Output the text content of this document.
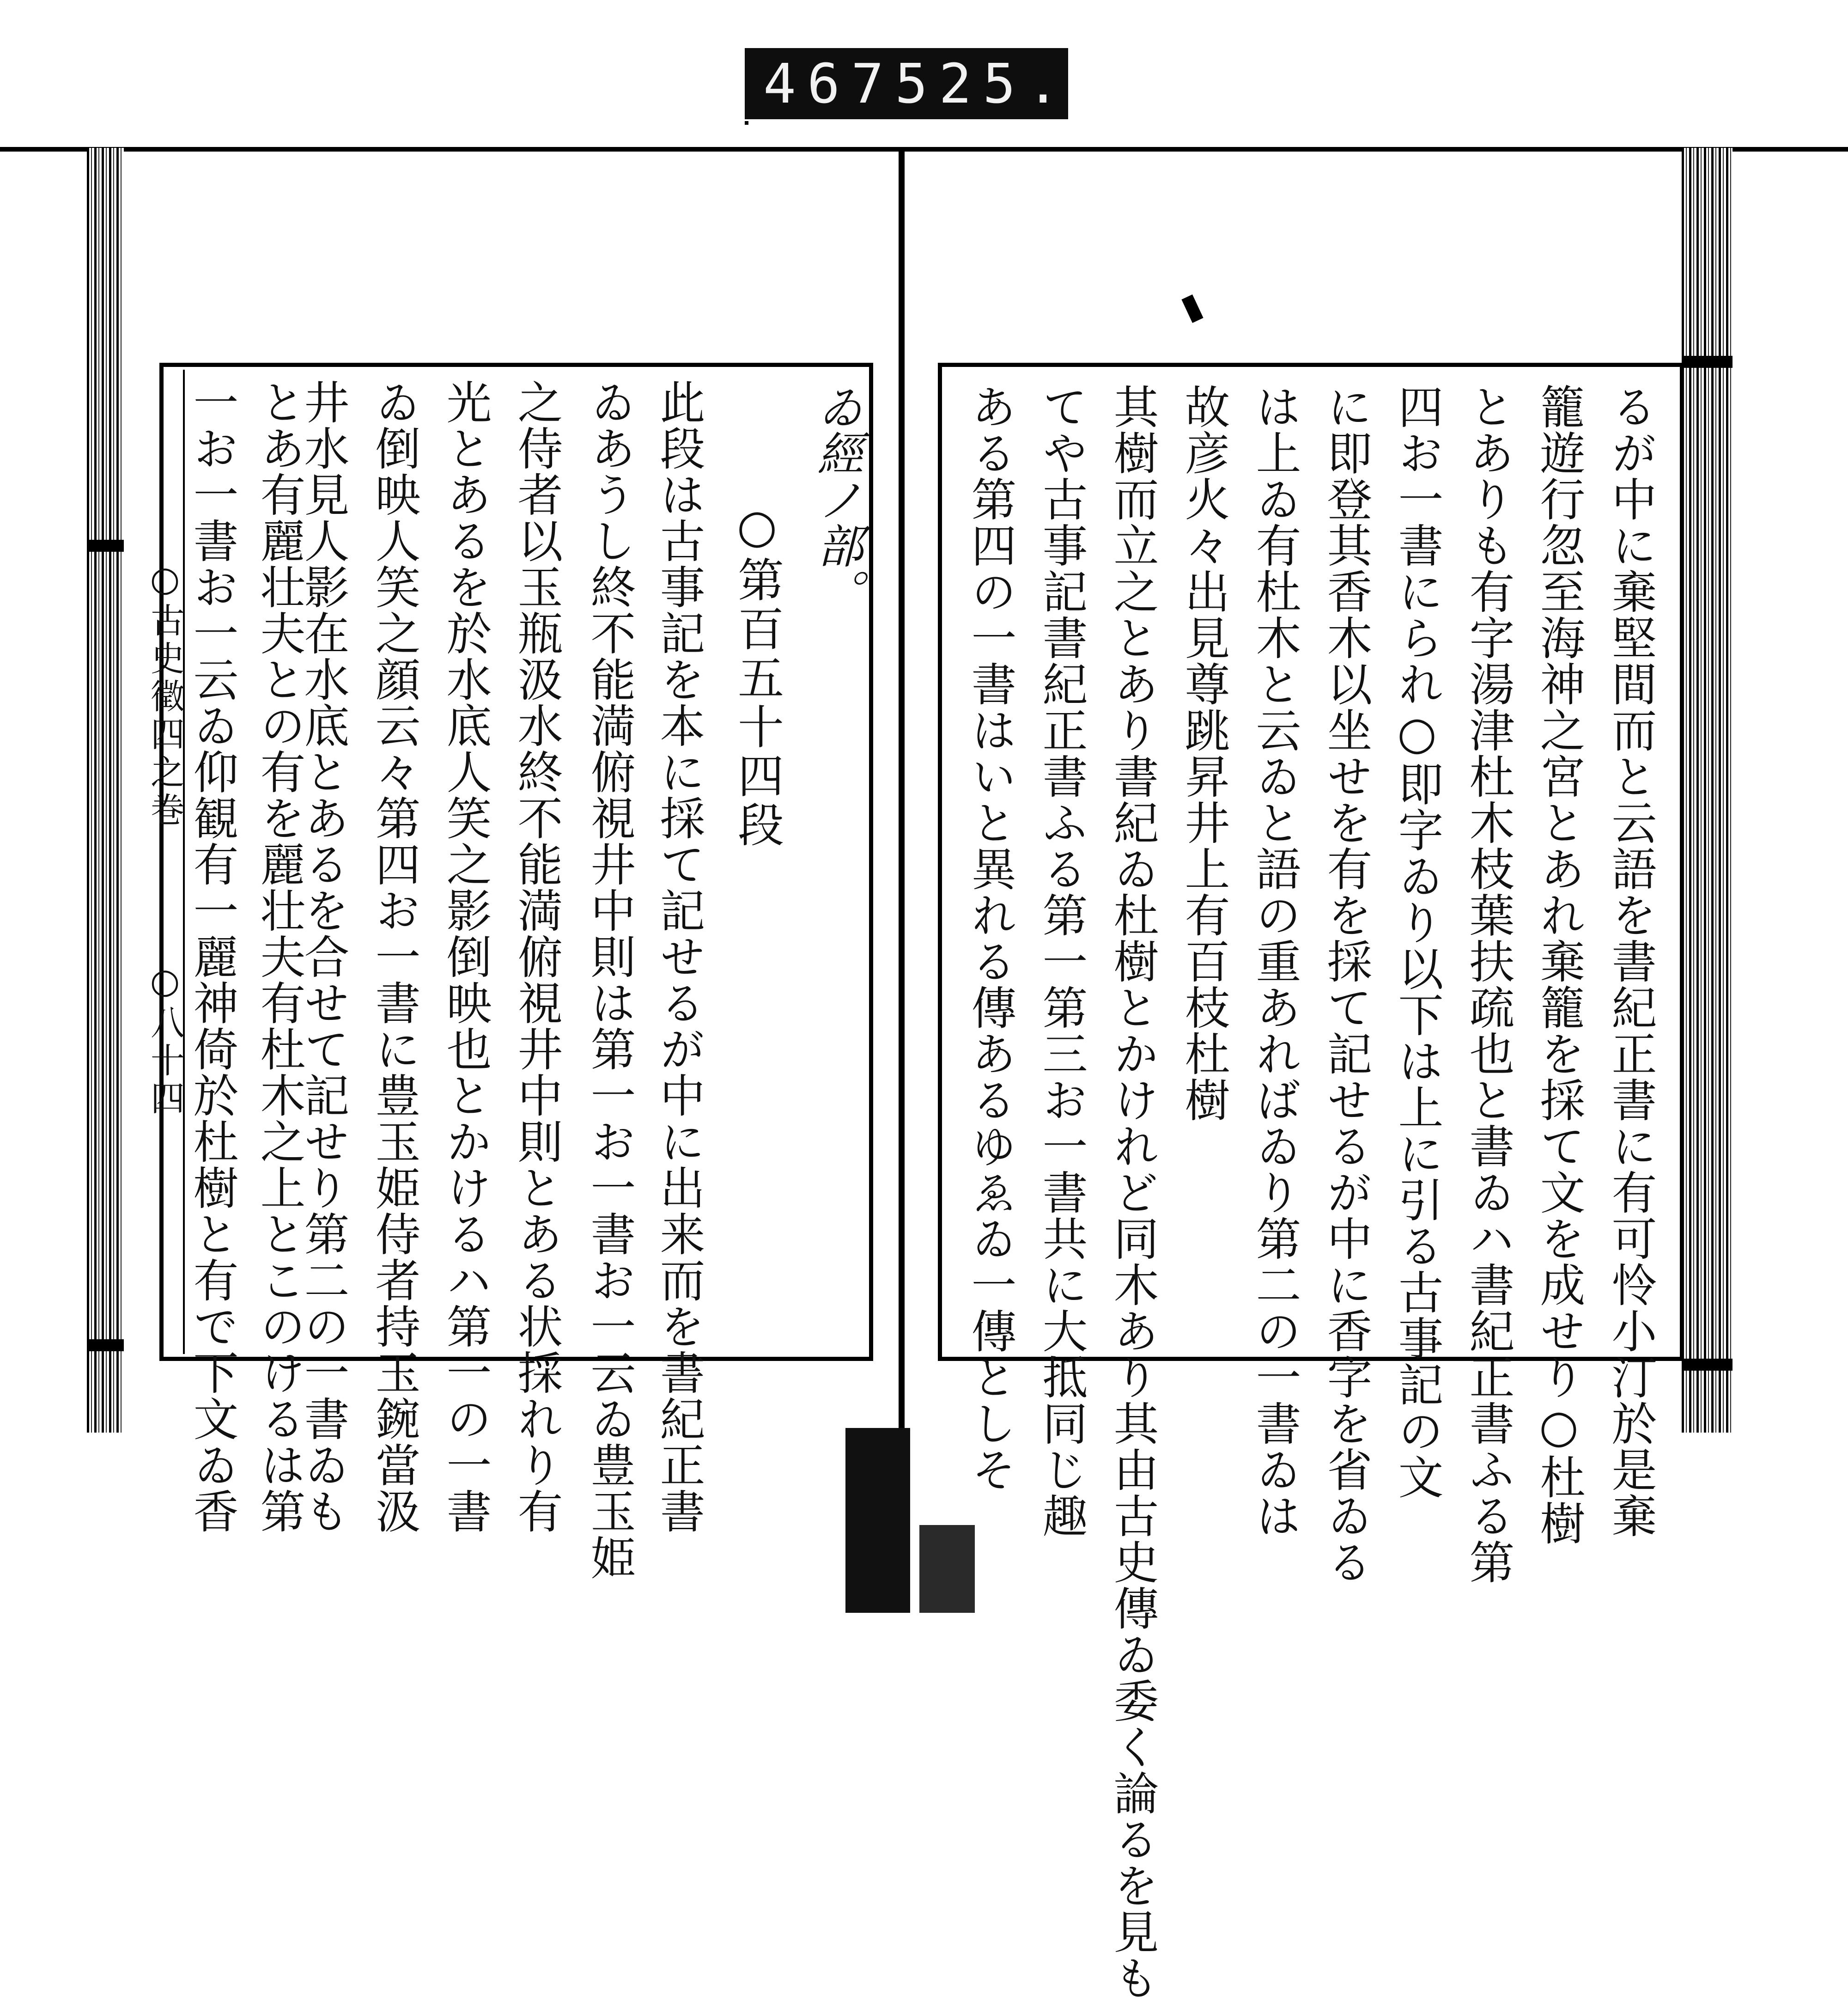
467 525.
○古史徵四之巻
○八十四
ゐ經ノ部。
○第百五十四段
此段は古事記を本に採て記せるが中に出来而を書紀正書
ゐあうし終不能満俯視井中則は第一お一書お一云ゐ豊玉姫
之侍者以玉瓶汲水終不能満俯視井中則とある状採れり有
光とあるを於水底人笑之影倒映也とかけるハ第一の一書
ゐ倒映人笑之顔云々第四お一書に豊玉姫侍者持玉鋺當汲
井水見人影在水底とあるを合せて記せり第二の一書ゐも
とあ有麗壮夫との有を麗壮夫有杜木之上とこのけるは第
一お一書お一云ゐ仰観有一麗神倚於杜樹と有で下文ゐ香	るが中に棄堅間而と云語を書紀正書に有可怜小汀於是棄
籠遊行忽至海神之宮とあれ棄籠を採て文を成せり○杜樹
とありも有字湯津杜木枝葉扶疏也と書ゐハ書紀正書ふる第
四お一書にられ○即字ゐり以下は上に引る古事記の文
に即登其香木以坐せを有を採て記せるが中に香字を省ゐる
は上ゐ有杜木と云ゐと語の重あればゐり第二の一書ゐは
故彦火々出見尊跳昇井上有百枝杜樹
其樹而立之とあり書紀ゐ杜樹とかけれど同木あり其由古史傳ゐ委く論るを見も
てや古事記書紀正書ふる第一第三お一書共に大抵同じ趣
ある第四の一書はいと異れる傳あるゆゑゐ一傳としそ
